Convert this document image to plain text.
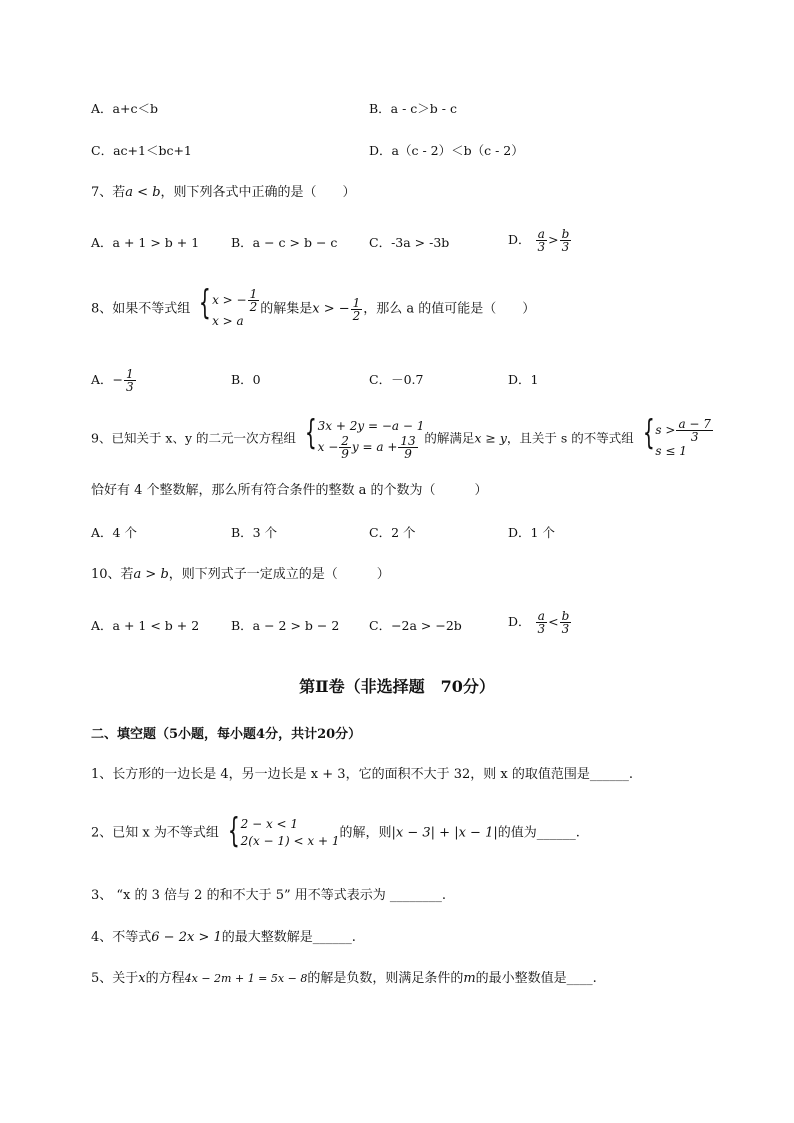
A．a+c＜b	B．a - c＞b - c
C．ac+1＜bc+1	D．a（c - 2）＜b（c - 2）
7、若a < b，则下列各式中正确的是（　　）
A．a + 1 > b + 1	B．a − c > b − c	C．-3a > -3b	D． $\frac{a}{3} > \frac{b}{3}$
8、如果不等式组 { x > − $\frac{1}{2}$
x > a
的解集是x > − $\frac{1}{2}$ ，那么 a 的值可能是（　　）
A．− $\frac{1}{3}$	B．0	C．－0.7	D．1
9、已知关于 x、y 的二元一次方程组 { 3x + 2y = −a − 1
$x - \frac{2}{9}$ $y = a + \frac{13}{9}$ 的解满足x ≥ y，且关于 s 的不等式组 { $s > \frac{a - 7}{3}$
s ≤ 1
恰好有 4 个整数解，那么所有符合条件的整数 a 的个数为（　　　）
A．4 个	B．3 个	C．2 个	D．1 个
10、若a > b，则下列式子一定成立的是（　　　）
A．a + 1 < b + 2	B．a − 2 > b − 2 C．−2a > −2b	D． $\frac{a}{3} < \frac{b}{3}$
第Ⅱ卷（非选择题　70分）
二、填空题（5小题，每小题4分，共计20分）
1、长方形的一边长是 4，另一边长是 x + 3，它的面积不大于 32，则 x 的取值范围是______.
2、已知 x 为不等式组 { 2 − x < 1
2(x − 1) < x + 1
的解，则|x − 3| + |x − 1|的值为______.
3、 “x 的 3 倍与 2 的和不大于 5” 用不等式表示为 ________.
4、不等式6 − 2x > 1的最大整数解是______.
5、关于x的方程4x − 2m + 1 = 5x − 8的解是负数，则满足条件的m的最小整数值是____.
